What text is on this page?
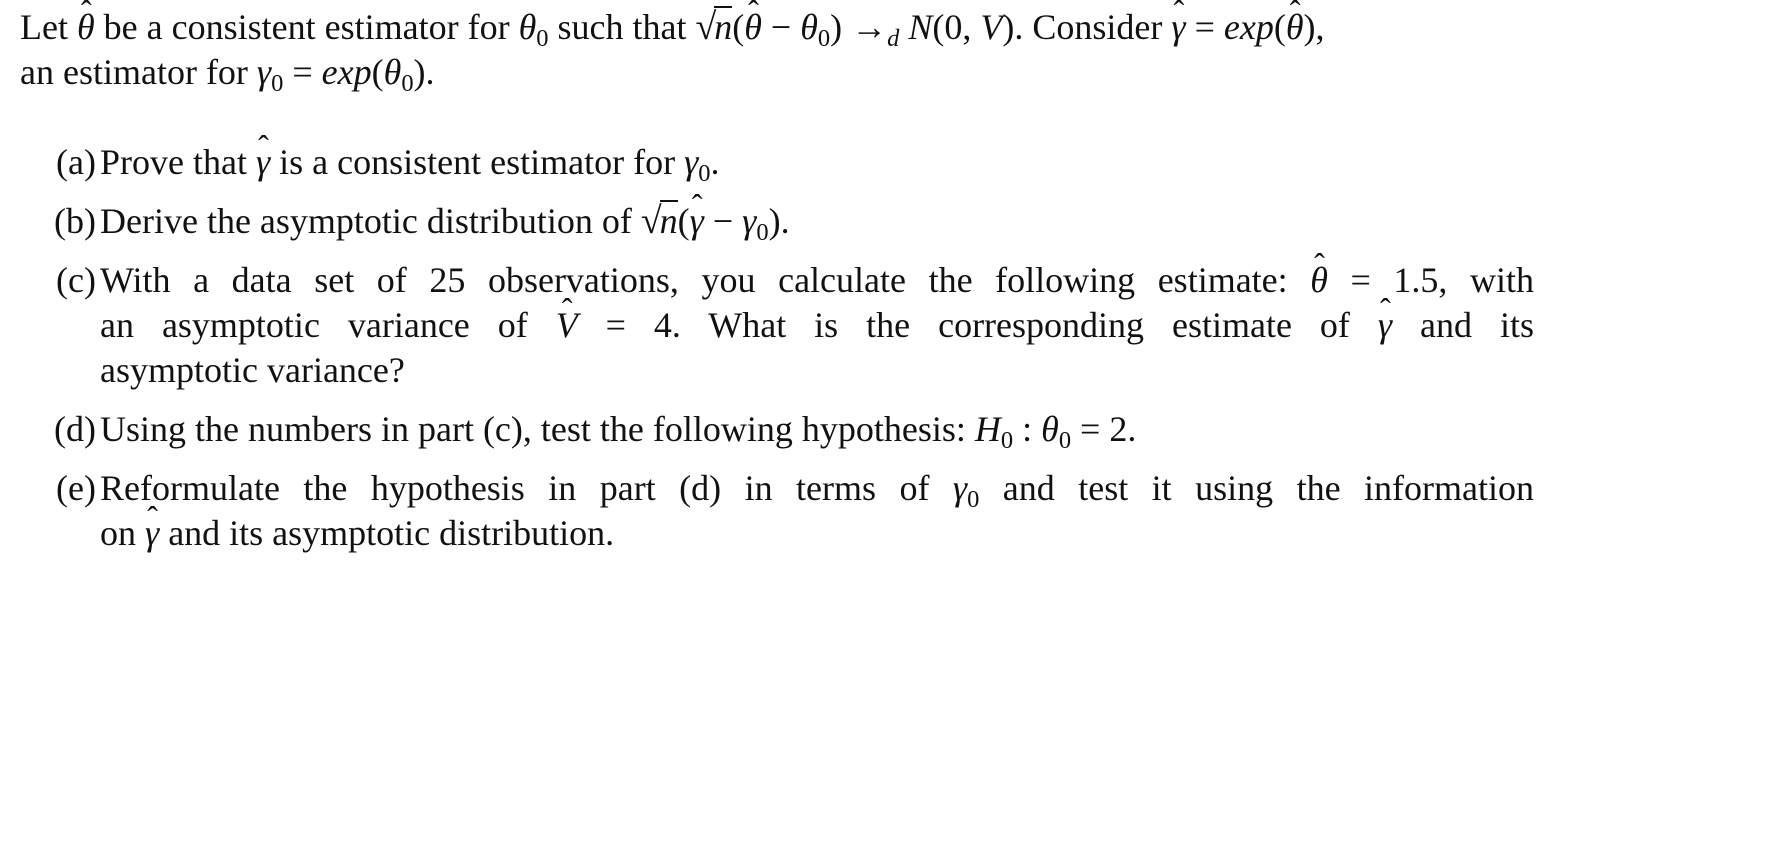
Let ˆ θ be a consistent estimator for $\theta_0$ such that √n(ˆ $\theta - \theta_0) \to_d$ N(0, V). Consider ˆ γ = exp(ˆ θ),
an estimator for $\gamma_0 = \exp(\theta_0)$.
(a) Prove that ˆ γ is a consistent estimator for $\gamma_0$.
(b) Derive the asymptotic distribution of √n(ˆ $\gamma - \gamma_0$).
(c) With a data set of 25 observations, you calculate the following estimate: ˆ θ = 1.5, with
an asymptotic variance of ˆ V = 4. What is the corresponding estimate of ˆ γ and its
asymptotic variance?
(d) Using the numbers in part (c), test the following hypothesis: $H_0$ : $\theta_0 = 2$.
(e) Reformulate the hypothesis in part (d) in terms of $\gamma_0$ and test it using the information
on ˆ γ and its asymptotic distribution.
